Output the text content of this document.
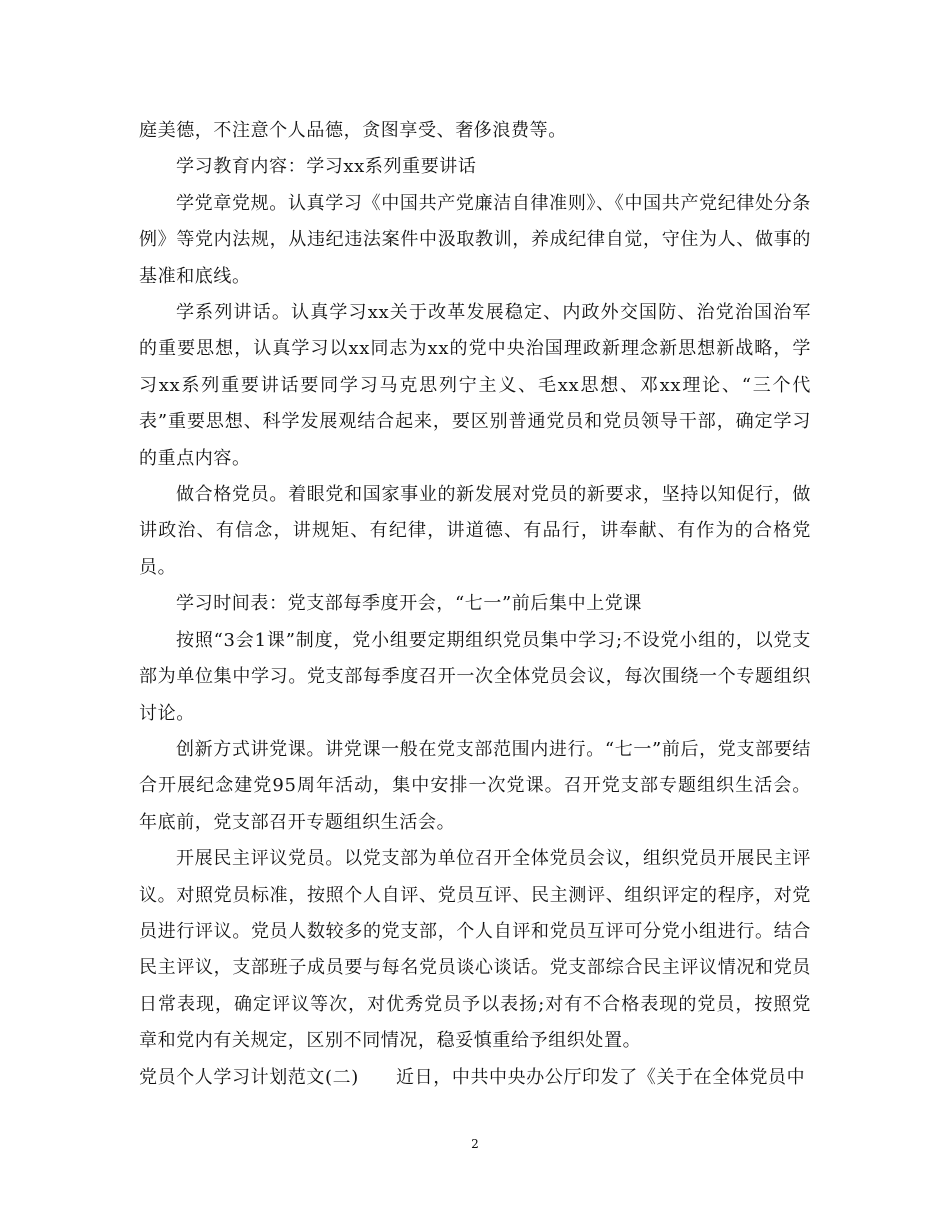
庭美德，不注意个人品德，贪图享受、奢侈浪费等。

学习教育内容：学习xx系列重要讲话

学党章党规。认真学习《中国共产党廉洁自律准则》、《中国共产党纪律处分条例》等党内法规，从违纪违法案件中汲取教训，养成纪律自觉，守住为人、做事的基准和底线。

学系列讲话。认真学习xx关于改革发展稳定、内政外交国防、治党治国治军的重要思想，认真学习以xx同志为xx的党中央治国理政新理念新思想新战略，学习xx系列重要讲话要同学习马克思列宁主义、毛xx思想、邓xx理论、“三个代表”重要思想、科学发展观结合起来，要区别普通党员和党员领导干部，确定学习的重点内容。

做合格党员。着眼党和国家事业的新发展对党员的新要求，坚持以知促行，做讲政治、有信念，讲规矩、有纪律，讲道德、有品行，讲奉献、有作为的合格党员。

学习时间表：党支部每季度开会，“七一”前后集中上党课

按照“3会1课”制度，党小组要定期组织党员集中学习;不设党小组的，以党支部为单位集中学习。党支部每季度召开一次全体党员会议，每次围绕一个专题组织讨论。

创新方式讲党课。讲党课一般在党支部范围内进行。“七一”前后，党支部要结合开展纪念建党95周年活动，集中安排一次党课。召开党支部专题组织生活会。年底前，党支部召开专题组织生活会。

开展民主评议党员。以党支部为单位召开全体党员会议，组织党员开展民主评议。对照党员标准，按照个人自评、党员互评、民主测评、组织评定的程序，对党员进行评议。党员人数较多的党支部，个人自评和党员互评可分党小组进行。结合民主评议，支部班子成员要与每名党员谈心谈话。党支部综合民主评议情况和党员日常表现，确定评议等次，对优秀党员予以表扬;对有不合格表现的党员，按照党章和党内有关规定，区别不同情况，稳妥慎重给予组织处置。

党员个人学习计划范文(二)　　近日，中共中央办公厅印发了《关于在全体党员中

2
